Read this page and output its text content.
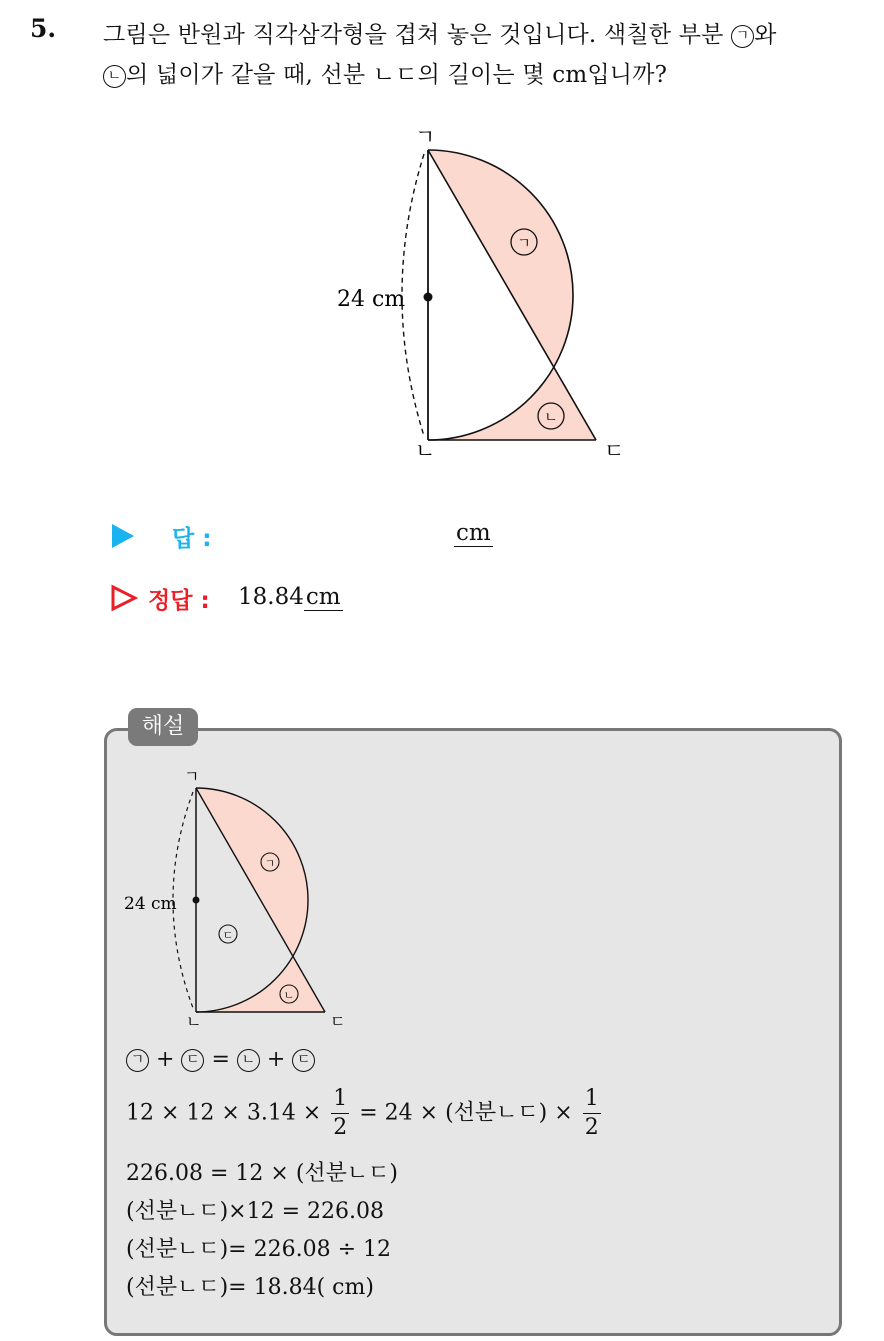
5. 그림은 반원과 직각삼각형을 겹쳐 놓은 것입니다. 색칠한 부분 ㄱ 와
ㄴ 의 넓이가 같을 때, 선분 ㄴㄷ의 길이는 몇 cm입니까?
ㄱ
ㄴ	ㄷ
24 cm
ㄱ
ㄴ
답 :	cm
정답 : 18.84cm
해설
ㄱ
ㄴ	ㄷ
24 cm
ㄱ
ㄴ
ㄷ
ㄱ + ㄷ = ㄴ + ㄷ
$12 \times 12 \times 3.14 \times \frac{1}{2} = 24$ × (선분ㄴㄷ) × $\frac{1}{2}$
226.08 = 12 × (선분ㄴㄷ)
(선분ㄴㄷ)×12 = 226.08
(선분ㄴㄷ)= 226.08 ÷ 12
(선분ㄴㄷ)= 18.84( cm)
